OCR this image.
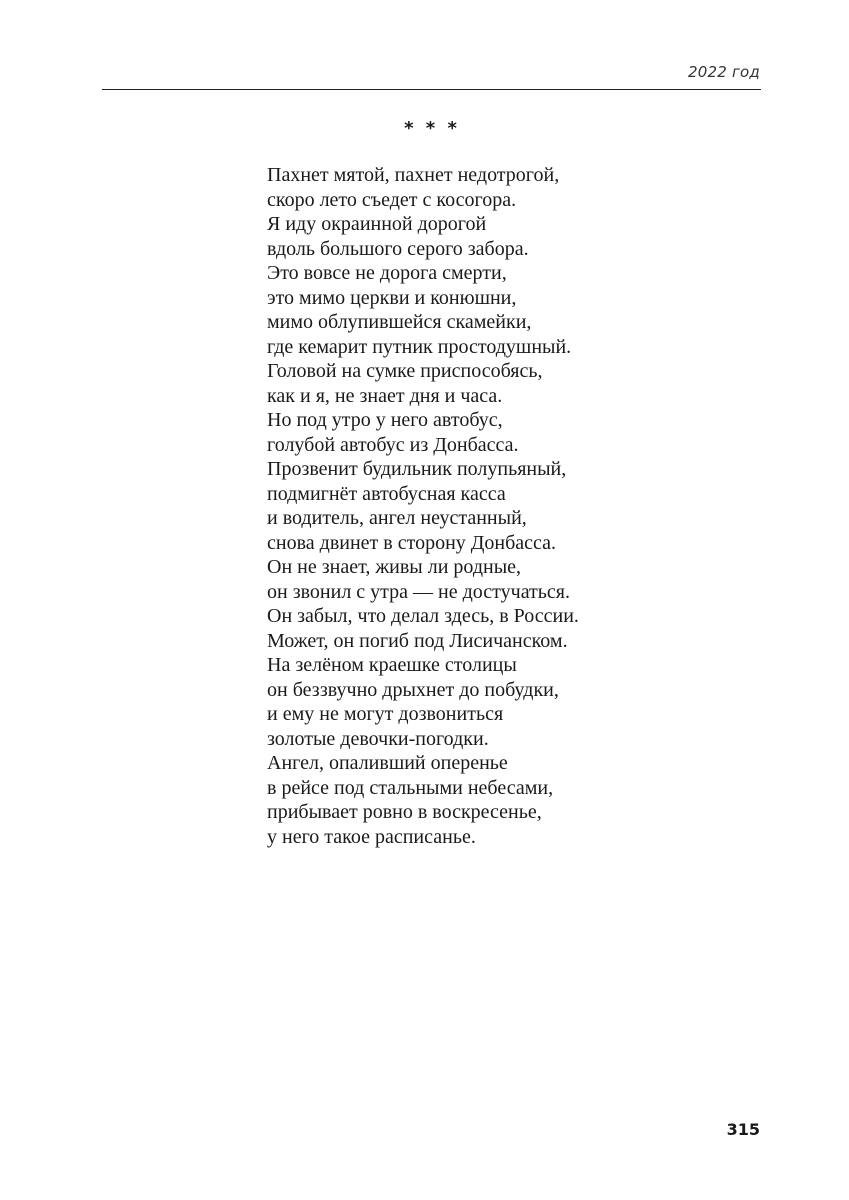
2022 год
* * *
Пахнет мятой, пахнет недотрогой,
скоро лето съедет с косогора.
Я иду окраинной дорогой
вдоль большого серого забора.
Это вовсе не дорога смерти,
это мимо церкви и конюшни,
мимо облупившейся скамейки,
где кемарит путник простодушный.
Головой на сумке приспособясь,
как и я, не знает дня и часа.
Но под утро у него автобус,
голубой автобус из Донбасса.
Прозвенит будильник полупьяный,
подмигнёт автобусная касса
и водитель, ангел неустанный,
снова двинет в сторону Донбасса.
Он не знает, живы ли родные,
он звонил с утра — не достучаться.
Он забыл, что делал здесь, в России.
Может, он погиб под Лисичанском.
На зелёном краешке столицы
он беззвучно дрыхнет до побудки,
и ему не могут дозвониться
золотые девочки-погодки.
Ангел, опаливший оперенье
в рейсе под стальными небесами,
прибывает ровно в воскресенье,
у него такое расписанье.
315
